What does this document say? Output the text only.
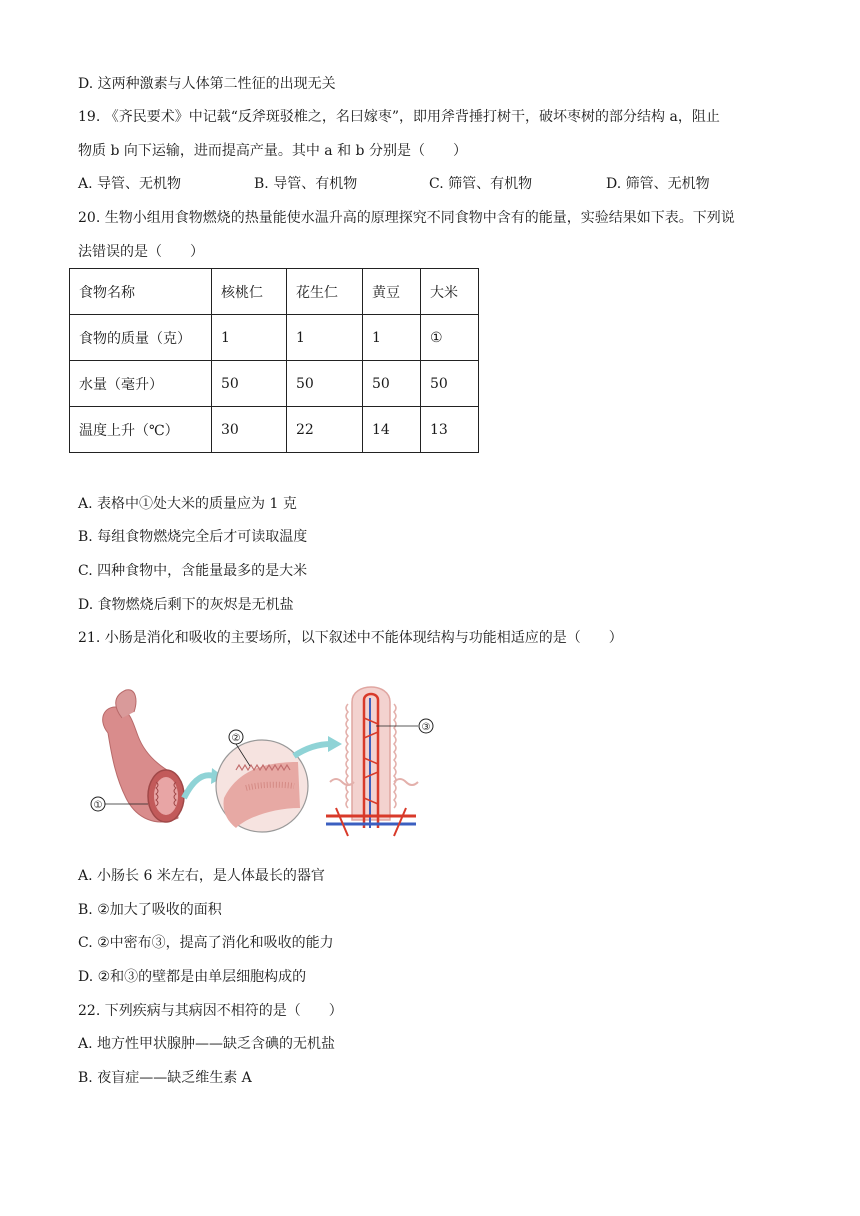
D. 这两种激素与人体第二性征的出现无关
19. 《齐民要术》中记载“反斧斑驳椎之，名曰嫁枣”，即用斧背捶打树干，破坏枣树的部分结构 a，阻止
物质 b 向下运输，进而提高产量。其中 a 和 b 分别是（　　）
A. 导管、无机物	B. 导管、有机物	C. 筛管、有机物	D. 筛管、无机物
20. 生物小组用食物燃烧的热量能使水温升高的原理探究不同食物中含有的能量，实验结果如下表。下列说
法错误的是（　　）
食物名称	核桃仁	花生仁	黄豆	大米
食物的质量（克）	1	1	1	①
水量（毫升）	50	50	50	50
温度上升（℃）	30	22	14	13
A. 表格中①处大米的质量应为 1 克
B. 每组食物燃烧完全后才可读取温度
C. 四种食物中，含能量最多的是大米
D. 食物燃烧后剩下的灰烬是无机盐
21. 小肠是消化和吸收的主要场所，以下叙述中不能体现结构与功能相适应的是（　　）
①
②
③
A. 小肠长 6 米左右，是人体最长的器官
B. ②加大了吸收的面积
C. ②中密布③，提高了消化和吸收的能力
D. ②和③的壁都是由单层细胞构成的
22. 下列疾病与其病因不相符的是（　　）
A. 地方性甲状腺肿——缺乏含碘的无机盐
B. 夜盲症——缺乏维生素 A
